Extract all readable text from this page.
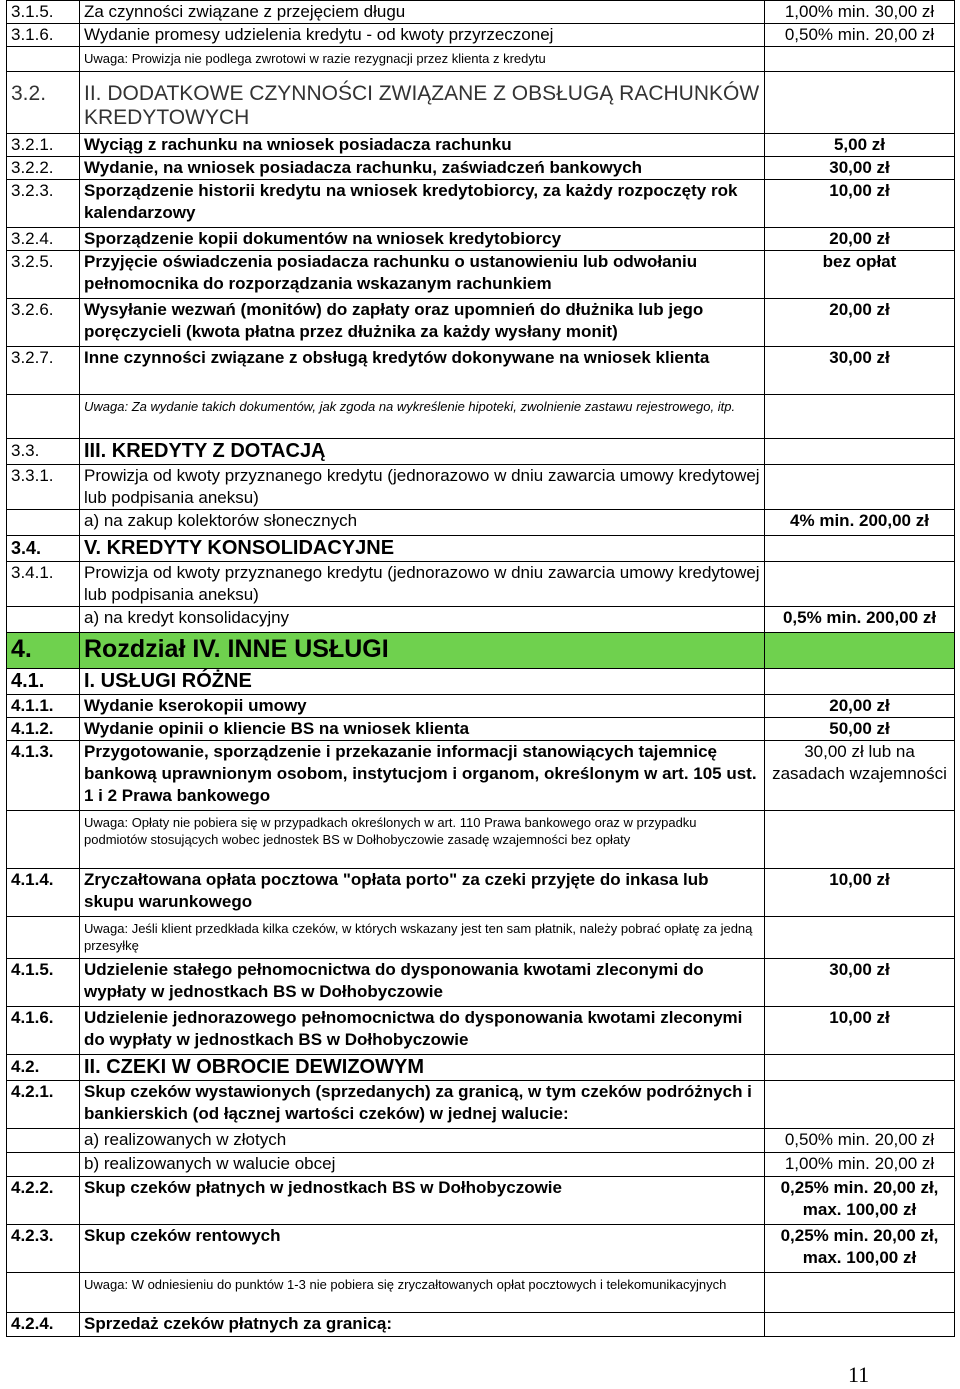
3.1.5.	Za czynności związane z przejęciem długu	1,00% min. 30,00 zł
3.1.6.	Wydanie promesy udzielenia kredytu - od kwoty przyrzeczonej	0,50% min. 20,00 zł
	Uwaga: Prowizja nie podlega zwrotowi w razie rezygnacji przez klienta z kredytu	
3.2.	II. DODATKOWE CZYNNOŚCI ZWIĄZANE Z OBSŁUGĄ RACHUNKÓW KREDYTOWYCH	
3.2.1.	Wyciąg z rachunku na wniosek posiadacza rachunku	5,00 zł
3.2.2.	Wydanie, na wniosek posiadacza rachunku, zaświadczeń bankowych	30,00 zł
3.2.3.	Sporządzenie historii kredytu na wniosek kredytobiorcy, za każdy rozpoczęty rok kalendarzowy	10,00 zł
3.2.4.	Sporządzenie kopii dokumentów na wniosek kredytobiorcy	20,00 zł
3.2.5.	Przyjęcie oświadczenia posiadacza rachunku o ustanowieniu lub odwołaniu pełnomocnika do rozporządzania wskazanym rachunkiem	bez opłat
3.2.6.	Wysyłanie wezwań (monitów) do zapłaty oraz upomnień do dłużnika lub jego poręczycieli (kwota płatna przez dłużnika za każdy wysłany monit)	20,00 zł
3.2.7.	Inne czynności związane z obsługą kredytów dokonywane na wniosek klienta	30,00 zł
	Uwaga: Za wydanie takich dokumentów, jak zgoda na wykreślenie hipoteki, zwolnienie zastawu rejestrowego, itp.	
3.3.	III. KREDYTY Z DOTACJĄ	
3.3.1.	Prowizja od kwoty przyznanego kredytu (jednorazowo w dniu zawarcia umowy kredytowej lub podpisania aneksu)	
	a) na zakup kolektorów słonecznych	4% min. 200,00 zł
3.4.	V. KREDYTY KONSOLIDACYJNE	
3.4.1.	Prowizja od kwoty przyznanego kredytu (jednorazowo w dniu zawarcia umowy kredytowej lub podpisania aneksu)	
	a) na kredyt konsolidacyjny	0,5% min. 200,00 zł
4.	Rozdział IV. INNE USŁUGI	
4.1.	I. USŁUGI RÓŻNE	
4.1.1.	Wydanie kserokopii umowy	20,00 zł
4.1.2.	Wydanie opinii o kliencie BS na wniosek klienta	50,00 zł
4.1.3.	Przygotowanie, sporządzenie i przekazanie informacji stanowiących tajemnicę bankową uprawnionym osobom, instytucjom i organom, określonym w art. 105 ust. 1 i 2 Prawa bankowego	30,00 zł lub na zasadach wzajemności
	Uwaga: Opłaty nie pobiera się w przypadkach określonych w art. 110 Prawa bankowego oraz w przypadku podmiotów stosujących wobec jednostek BS w Dołhobyczowie zasadę wzajemności bez opłaty	
4.1.4.	Zryczałtowana opłata pocztowa "opłata porto" za czeki przyjęte do inkasa lub skupu warunkowego	10,00 zł
	Uwaga: Jeśli klient przedkłada kilka czeków, w których wskazany jest ten sam płatnik, należy pobrać opłatę za jedną przesyłkę	
4.1.5.	Udzielenie stałego pełnomocnictwa do dysponowania kwotami zleconymi do wypłaty w jednostkach BS w Dołhobyczowie	30,00 zł
4.1.6.	Udzielenie jednorazowego pełnomocnictwa do dysponowania kwotami zleconymi do wypłaty w jednostkach BS w Dołhobyczowie	10,00 zł
4.2.	II. CZEKI W OBROCIE DEWIZOWYM	
4.2.1.	Skup czeków wystawionych (sprzedanych) za granicą, w tym czeków podróżnych i bankierskich (od łącznej wartości czeków) w jednej walucie:	
	a) realizowanych w złotych	0,50% min. 20,00 zł
	b) realizowanych w walucie obcej	1,00% min. 20,00 zł
4.2.2.	Skup czeków płatnych w jednostkach BS w Dołhobyczowie	0,25% min. 20,00 zł, max. 100,00 zł
4.2.3.	Skup czeków rentowych	0,25% min. 20,00 zł, max. 100,00 zł
	Uwaga: W odniesieniu do punktów 1-3 nie pobiera się zryczałtowanych opłat pocztowych i telekomunikacyjnych	
4.2.4.	Sprzedaż czeków płatnych za granicą:	
11
